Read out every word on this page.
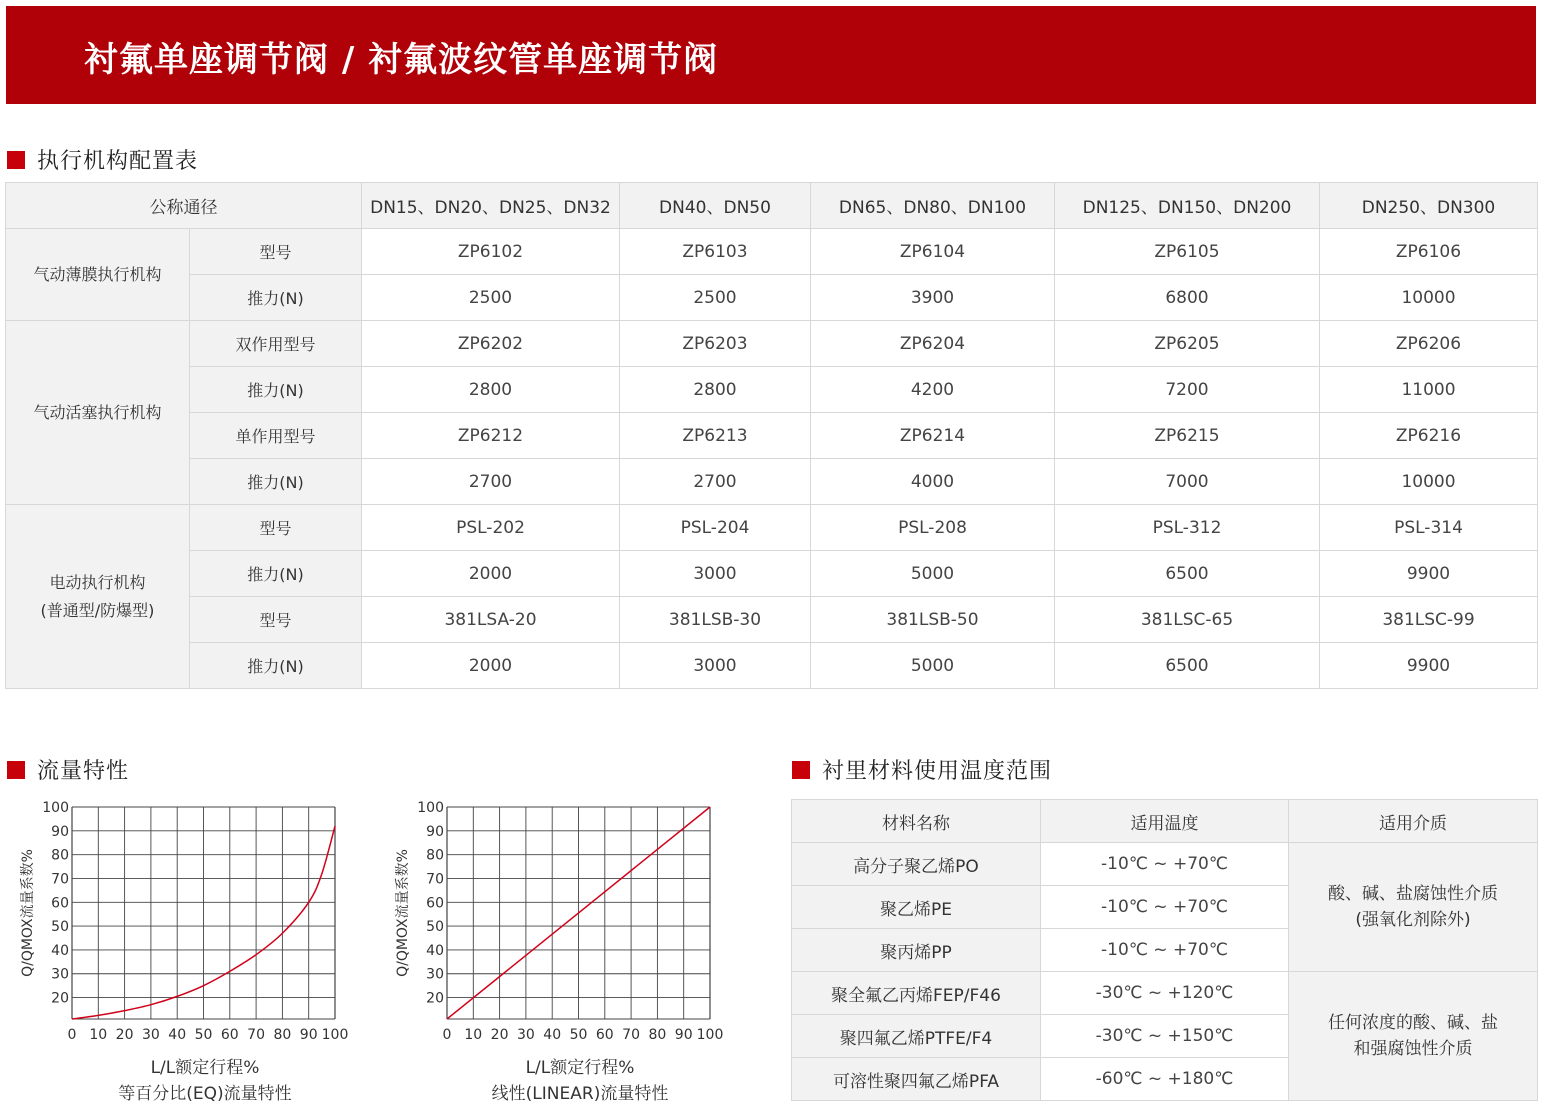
衬氟单座调节阀 / 衬氟波纹管单座调节阀
执行机构配置表
公称通径		DN15、DN20、DN25、DN32	DN40、DN50	DN65、DN80、DN100	DN125、DN150、DN200	DN250、DN300

气动薄膜执行机构	型号	ZP6102	ZP6103	ZP6104	ZP6105	ZP6106
	推力(N)	2500	2500	3900	6800	10000

气动活塞执行机构	双作用型号	ZP6202	ZP6203	ZP6204	ZP6205	ZP6206
	推力(N)	2800	2800	4200	7200	11000
	单作用型号	ZP6212	ZP6213	ZP6214	ZP6215	ZP6216
	推力(N)	2700	2700	4000	7000	10000

电动执行机构
(普通型/防爆型)	型号	PSL-202	PSL-204	PSL-208	PSL-312	PSL-314
	推力(N)	2000	3000	5000	6500	9900
	型号	381LSA-20	381LSB-30	381LSB-50	381LSC-65	381LSC-99
	推力(N)	2000	3000	5000	6500	9900
流量特性	衬里材料使用温度范围
20
30
40
50
60
70
80
90
100
0 10 20 30 40 50 60 70 80 90 100
Q/QMOX流量系数%
L/L额定行程%
等百分比(EQ)流量特性
20
30
40
50
60
70
80
90
100
0 10 20 30 40 50 60 70 80 90 100
Q/QMOX流量系数%
L/L额定行程%
线性(LINEAR)流量特性
材料名称	适用温度	适用介质
高分子聚乙烯PO	-10℃ ~ +70℃	酸、碱、盐腐蚀性介质
(强氧化剂除外)

聚乙烯PE	-10℃ ~ +70℃	
聚丙烯PP	-10℃ ~ +70℃	
聚全氟乙丙烯FEP/F46	-30℃ ~ +120℃	任何浓度的酸、碱、盐
和强腐蚀性介质

聚四氟乙烯PTFE/F4	-30℃ ~ +150℃	
可溶性聚四氟乙烯PFA	-60℃ ~ +180℃	
